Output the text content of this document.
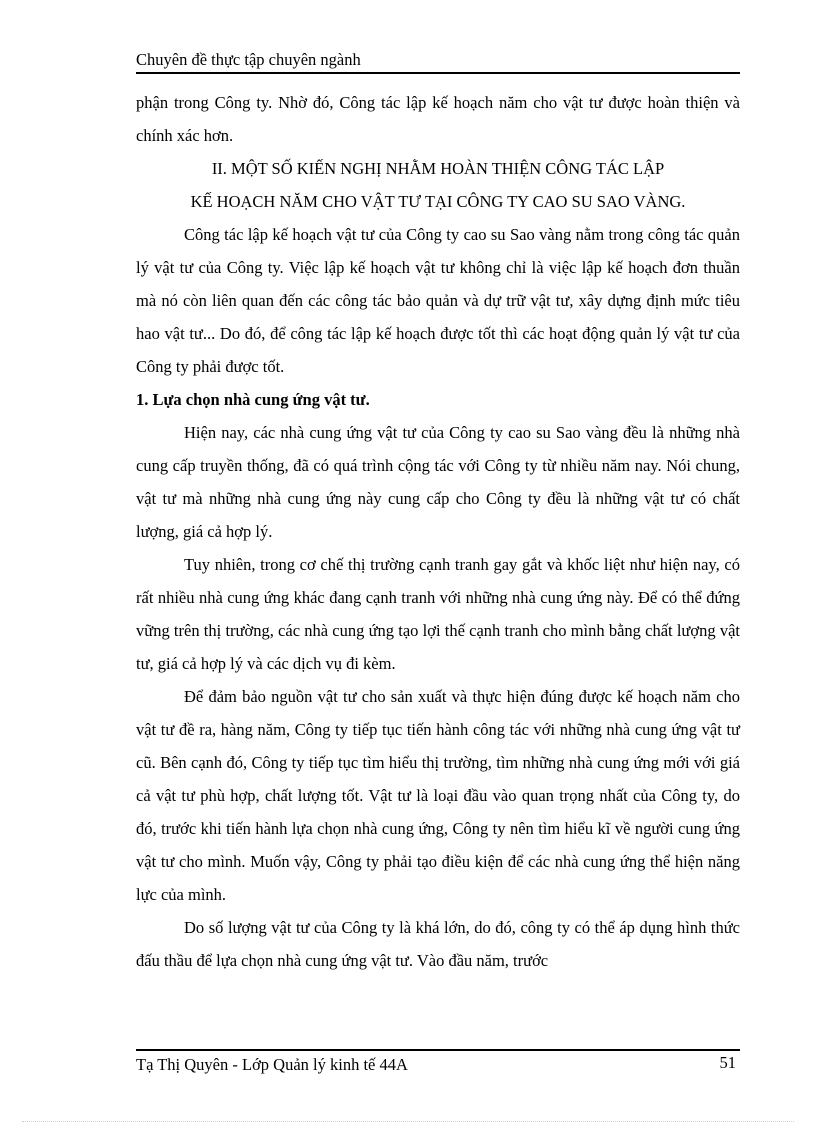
Chuyên đề thực tập chuyên ngành

phận trong Công ty. Nhờ đó, Công tác lập kế hoạch năm cho vật tư được hoàn thiện và chính xác hơn.

II. MỘT SỐ KIẾN NGHỊ NHẰM HOÀN THIỆN CÔNG TÁC LẬP

KẾ HOẠCH NĂM CHO VẬT TƯ TẠI CÔNG TY CAO SU SAO VÀNG.

Công tác lập kế hoạch vật tư của Công ty cao su Sao vàng nằm trong công tác quản lý vật tư của Công ty. Việc lập kế hoạch vật tư không chỉ là việc lập kế hoạch đơn thuần mà nó còn liên quan đến các công tác bảo quản và dự trữ vật tư, xây dựng định mức tiêu hao vật tư... Do đó, để công tác lập kế hoạch được tốt thì các hoạt động quản lý vật tư của Công ty phải được tốt.

1. Lựa chọn nhà cung ứng vật tư.

Hiện nay, các nhà cung ứng vật tư của Công ty cao su Sao vàng đều là những nhà cung cấp truyền thống, đã có quá trình cộng tác với Công ty từ nhiều năm nay. Nói chung, vật tư mà những nhà cung ứng này cung cấp cho Công ty đều là những vật tư có chất lượng, giá cả hợp lý.

Tuy nhiên, trong cơ chế thị trường cạnh tranh gay gắt và khốc liệt như hiện nay, có rất nhiều nhà cung ứng khác đang cạnh tranh với những nhà cung ứng này. Để có thể đứng vững trên thị trường, các nhà cung ứng tạo lợi thế cạnh tranh cho mình bằng chất lượng vật tư, giá cả hợp lý và các dịch vụ đi kèm.

Để đảm bảo nguồn vật tư cho sản xuất và thực hiện đúng được kế hoạch năm cho vật tư đề ra, hàng năm, Công ty tiếp tục tiến hành công tác với những nhà cung ứng vật tư cũ. Bên cạnh đó, Công ty tiếp tục tìm hiểu thị trường, tìm những nhà cung ứng mới với giá cả vật tư phù hợp, chất lượng tốt. Vật tư là loại đầu vào quan trọng nhất của Công ty, do đó, trước khi tiến hành lựa chọn nhà cung ứng, Công ty nên tìm hiểu kĩ về người cung ứng vật tư cho mình. Muốn vậy, Công ty phải tạo điều kiện để các nhà cung ứng thể hiện năng lực của mình.

Do số lượng vật tư của Công ty là khá lớn, do đó, công ty có thể áp dụng hình thức đấu thầu để lựa chọn nhà cung ứng vật tư. Vào đầu năm, trước

Tạ Thị Quyên - Lớp Quản lý kinh tế 44A	51
